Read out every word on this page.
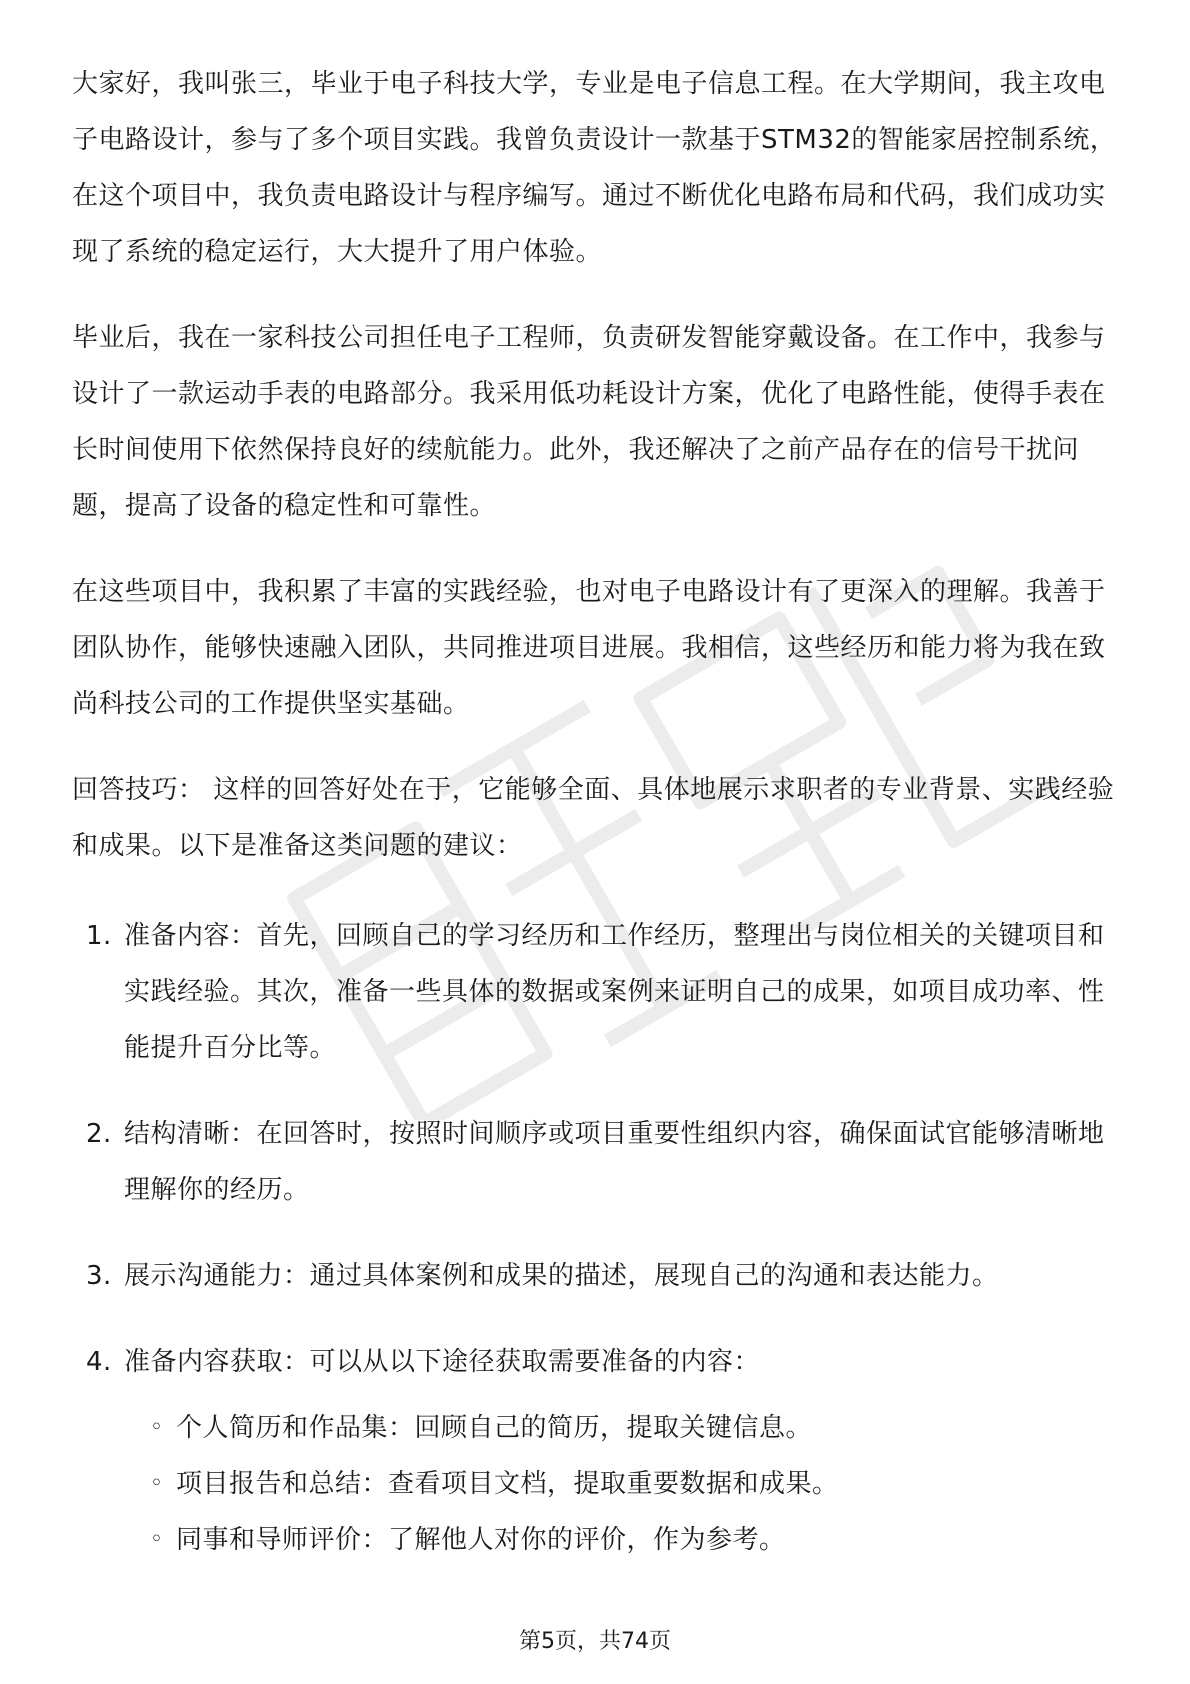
大家好，我叫张三，毕业于电子科技大学，专业是电子信息工程。在大学期间，我主攻电子电路设计，参与了多个项目实践。我曾负责设计一款基于STM32的智能家居控制系统，在这个项目中，我负责电路设计与程序编写。通过不断优化电路布局和代码，我们成功实现了系统的稳定运行，大大提升了用户体验。

毕业后，我在一家科技公司担任电子工程师，负责研发智能穿戴设备。在工作中，我参与设计了一款运动手表的电路部分。我采用低功耗设计方案，优化了电路性能，使得手表在长时间使用下依然保持良好的续航能力。此外，我还解决了之前产品存在的信号干扰问题，提高了设备的稳定性和可靠性。

在这些项目中，我积累了丰富的实践经验，也对电子电路设计有了更深入的理解。我善于团队协作，能够快速融入团队，共同推进项目进展。我相信，这些经历和能力将为我在致尚科技公司的工作提供坚实基础。

回答技巧： 这样的回答好处在于，它能够全面、具体地展示求职者的专业背景、实践经验和成果。以下是准备这类问题的建议：

1. 准备内容：首先，回顾自己的学习经历和工作经历，整理出与岗位相关的关键项目和实践经验。其次，准备一些具体的数据或案例来证明自己的成果，如项目成功率、性能提升百分比等。
2. 结构清晰：在回答时，按照时间顺序或项目重要性组织内容，确保面试官能够清晰地理解你的经历。
3. 展示沟通能力：通过具体案例和成果的描述，展现自己的沟通和表达能力。
4. 准备内容获取：可以从以下途径获取需要准备的内容：
◦ 个人简历和作品集：回顾自己的简历，提取关键信息。
◦ 项目报告和总结：查看项目文档，提取重要数据和成果。
◦ 同事和导师评价：了解他人对你的评价，作为参考。
第5页，共74页
